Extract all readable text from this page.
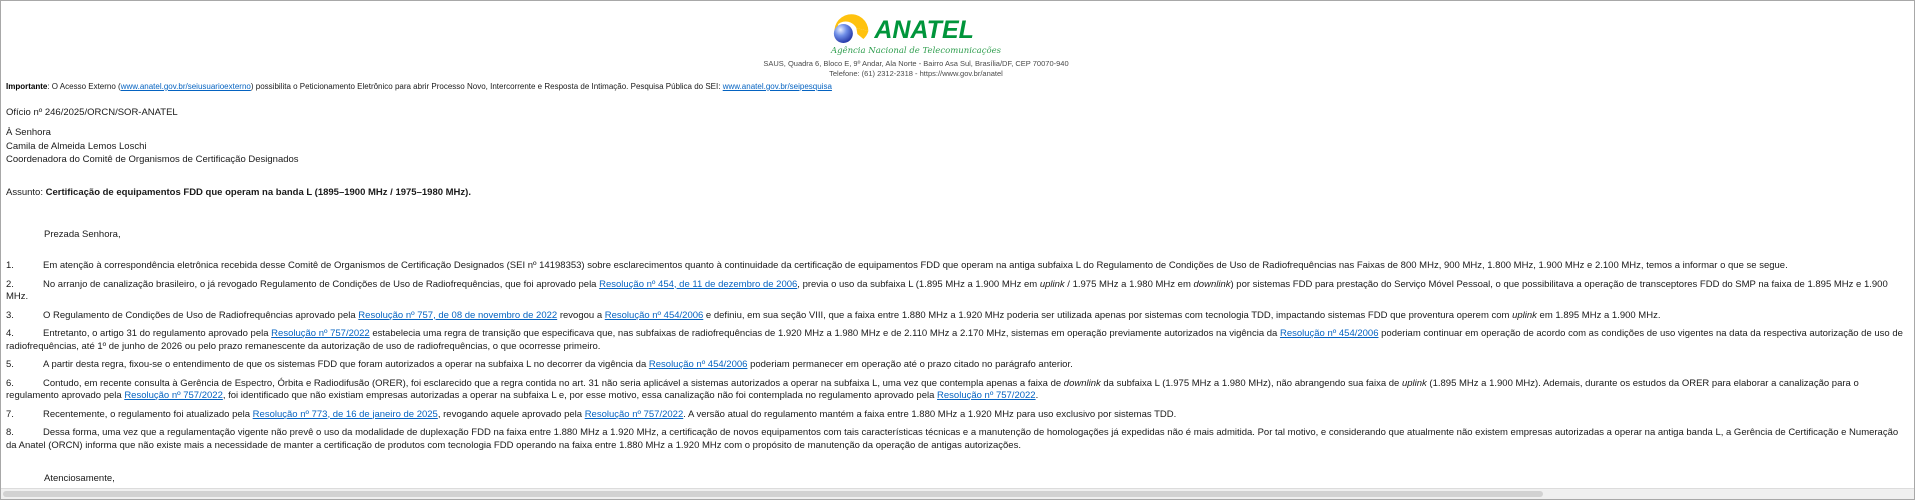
ANATEL
Agência Nacional de Telecomunicações
SAUS, Quadra 6, Bloco E, 9º Andar, Ala Norte - Bairro Asa Sul, Brasília/DF, CEP 70070-940
Telefone: (61) 2312-2318 - https://www.gov.br/anatel
Importante: O Acesso Externo (www.anatel.gov.br/seiusuarioexterno) possibilita o Peticionamento Eletrônico para abrir Processo Novo, Intercorrente e Resposta de Intimação. Pesquisa Pública do SEI: www.anatel.gov.br/seipesquisa
Ofício nº 246/2025/ORCN/SOR-ANATEL
À Senhora
Camila de Almeida Lemos Loschi
Coordenadora do Comitê de Organismos de Certificação Designados
Assunto: Certificação de equipamentos FDD que operam na banda L (1895–1900 MHz / 1975–1980 MHz).
Prezada Senhora,
1.	Em atenção à correspondência eletrônica recebida desse Comitê de Organismos de Certificação Designados (SEI nº 14198353) sobre esclarecimentos quanto à continuidade da certificação de equipamentos FDD que operam na antiga subfaixa L do Regulamento de Condições de Uso de Radiofrequências nas Faixas de 800 MHz, 900 MHz, 1.800 MHz, 1.900 MHz e 2.100 MHz, temos a informar o que se segue.
2.	No arranjo de canalização brasileiro, o já revogado Regulamento de Condições de Uso de Radiofrequências, que foi aprovado pela Resolução nº 454, de 11 de dezembro de 2006, previa o uso da subfaixa L (1.895 MHz a 1.900 MHz em uplink / 1.975 MHz a 1.980 MHz em downlink) por sistemas FDD para prestação do Serviço Móvel Pessoal, o que possibilitava a operação de transceptores FDD do SMP na faixa de 1.895 MHz e 1.900 MHz.
3.	O Regulamento de Condições de Uso de Radiofrequências aprovado pela Resolução nº 757, de 08 de novembro de 2022 revogou a Resolução nº 454/2006 e definiu, em sua seção VIII, que a faixa entre 1.880 MHz a 1.920 MHz poderia ser utilizada apenas por sistemas com tecnologia TDD, impactando sistemas FDD que proventura operem com uplink em 1.895 MHz a 1.900 MHz.
4.	Entretanto, o artigo 31 do regulamento aprovado pela Resolução nº 757/2022 estabelecia uma regra de transição que especificava que, nas subfaixas de radiofrequências de 1.920 MHz a 1.980 MHz e de 2.110 MHz a 2.170 MHz, sistemas em operação previamente autorizados na vigência da Resolução nº 454/2006 poderiam continuar em operação de acordo com as condições de uso vigentes na data da respectiva autorização de uso de radiofrequências, até 1º de junho de 2026 ou pelo prazo remanescente da autorização de uso de radiofrequências, o que ocorresse primeiro.
5.	A partir desta regra, fixou-se o entendimento de que os sistemas FDD que foram autorizados a operar na subfaixa L no decorrer da vigência da Resolução nº 454/2006 poderiam permanecer em operação até o prazo citado no parágrafo anterior.
6.	Contudo, em recente consulta à Gerência de Espectro, Órbita e Radiodifusão (ORER), foi esclarecido que a regra contida no art. 31 não seria aplicável a sistemas autorizados a operar na subfaixa L, uma vez que contempla apenas a faixa de downlink da subfaixa L (1.975 MHz a 1.980 MHz), não abrangendo sua faixa de uplink (1.895 MHz a 1.900 MHz). Ademais, durante os estudos da ORER para elaborar a canalização para o regulamento aprovado pela Resolução nº 757/2022, foi identificado que não existiam empresas autorizadas a operar na subfaixa L e, por esse motivo, essa canalização não foi contemplada no regulamento aprovado pela Resolução nº 757/2022.
7.	Recentemente, o regulamento foi atualizado pela Resolução nº 773, de 16 de janeiro de 2025, revogando aquele aprovado pela Resolução nº 757/2022. A versão atual do regulamento mantém a faixa entre 1.880 MHz a 1.920 MHz para uso exclusivo por sistemas TDD.
8.	Dessa forma, uma vez que a regulamentação vigente não prevê o uso da modalidade de duplexação FDD na faixa entre 1.880 MHz a 1.920 MHz, a certificação de novos equipamentos com tais características técnicas e a manutenção de homologações já expedidas não é mais admitida. Por tal motivo, e considerando que atualmente não existem empresas autorizadas a operar na antiga banda L, a Gerência de Certificação e Numeração da Anatel (ORCN) informa que não existe mais a necessidade de manter a certificação de produtos com tecnologia FDD operando na faixa entre 1.880 MHz a 1.920 MHz com o propósito de manutenção da operação de antigas autorizações.
Atenciosamente,
